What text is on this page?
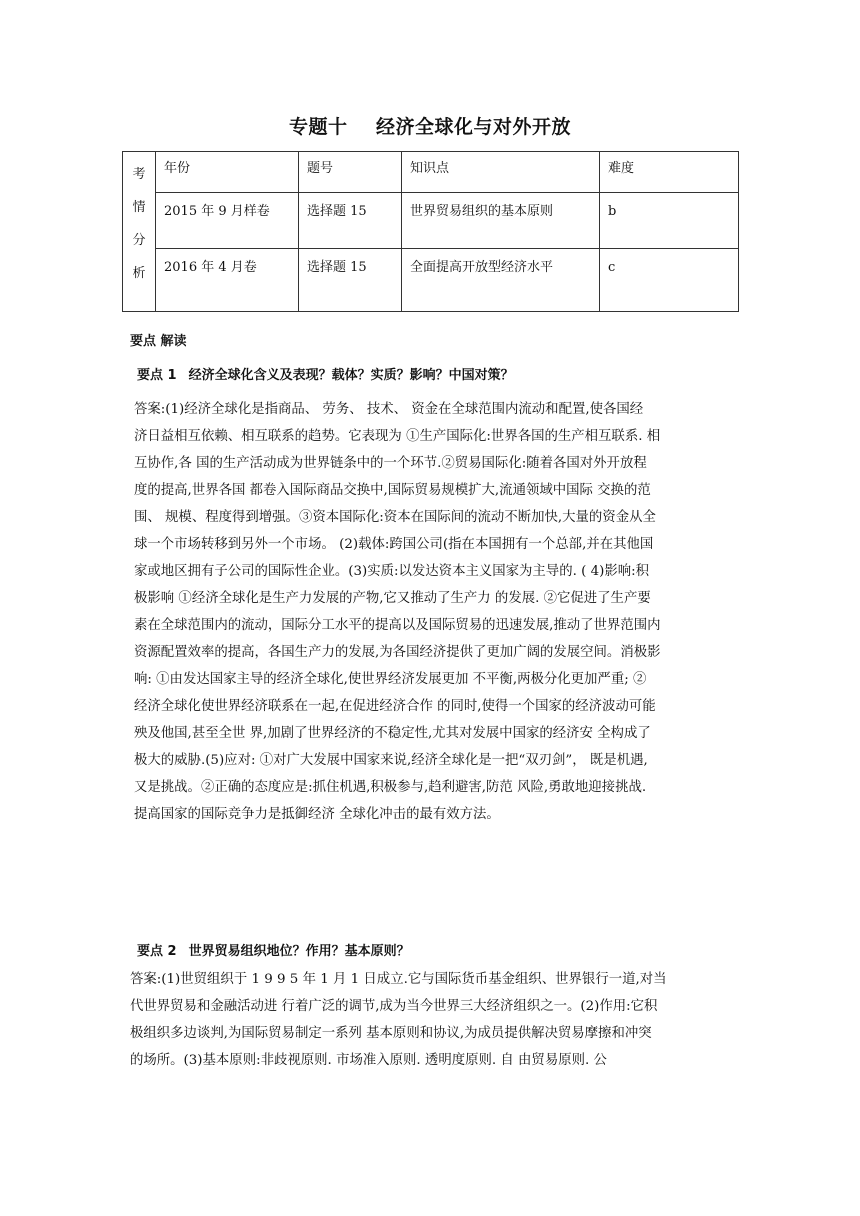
专题十 经济全球化与对外开放
考
情
分
析	年份	题号	知识点	难度
	2015 年 9 月样卷	选择题 15	世界贸易组织的基本原则	b
	2016 年 4 月卷	选择题 15	全面提高开放型经济水平	c
要点 解读
要点 1 经济全球化含义及表现？载体？实质？影响？中国对策？

答案:(1)经济全球化是指商品、 劳务、 技术、 资金在全球范围内流动和配置,使各国经
济日益相互依赖、相互联系的趋势。它表现为 ①生产国际化:世界各国的生产相互联系. 相
互协作,各 国的生产活动成为世界链条中的一个环节.②贸易国际化:随着各国对外开放程
度的提高,世界各国 都卷入国际商品交换中,国际贸易规模扩大,流通领域中国际 交换的范
围、 规模、程度得到增强。③资本国际化:资本在国际间的流动不断加快,大量的资金从全
球一个市场转移到另外一个市场。 (2)载体:跨国公司(指在本国拥有一个总部,并在其他国
家或地区拥有子公司的国际性企业。(3)实质:以发达资本主义国家为主导的. ( 4)影响:积
极影响 ①经济全球化是生产力发展的产物,它又推动了生产力 的发展. ②它促进了生产要
素在全球范围内的流动，国际分工水平的提高以及国际贸易的迅速发展,推动了世界范围内
资源配置效率的提高，各国生产力的发展,为各国经济提供了更加广阔的发展空间。消极影
响: ①由发达国家主导的经济全球化,使世界经济发展更加 不平衡,两极分化更加严重; ②
经济全球化使世界经济联系在一起,在促进经济合作 的同时,使得一个国家的经济波动可能
殃及他国,甚至全世 界,加剧了世界经济的不稳定性,尤其对发展中国家的经济安 全构成了
极大的威胁.(5)应对: ①对广大发展中国家来说,经济全球化是一把“双刃剑”， 既是机遇,
又是挑战。②正确的态度应是:抓住机遇,积极参与,趋利避害,防范 风险,勇敢地迎接挑战.
提高国家的国际竞争力是抵御经济 全球化冲击的最有效方法。

要点 2 世界贸易组织地位？作用？基本原则？

答案:(1)世贸组织于 1 9 9 5 年 1 月 1 日成立.它与国际货币基金组织、世界银行一道,对当
代世界贸易和金融活动进 行着广泛的调节,成为当今世界三大经济组织之一。(2)作用:它积
极组织多边谈判,为国际贸易制定一系列 基本原则和协议,为成员提供解决贸易摩擦和冲突
的场所。(3)基本原则:非歧视原则. 市场准入原则. 透明度原则. 自 由贸易原则. 公
